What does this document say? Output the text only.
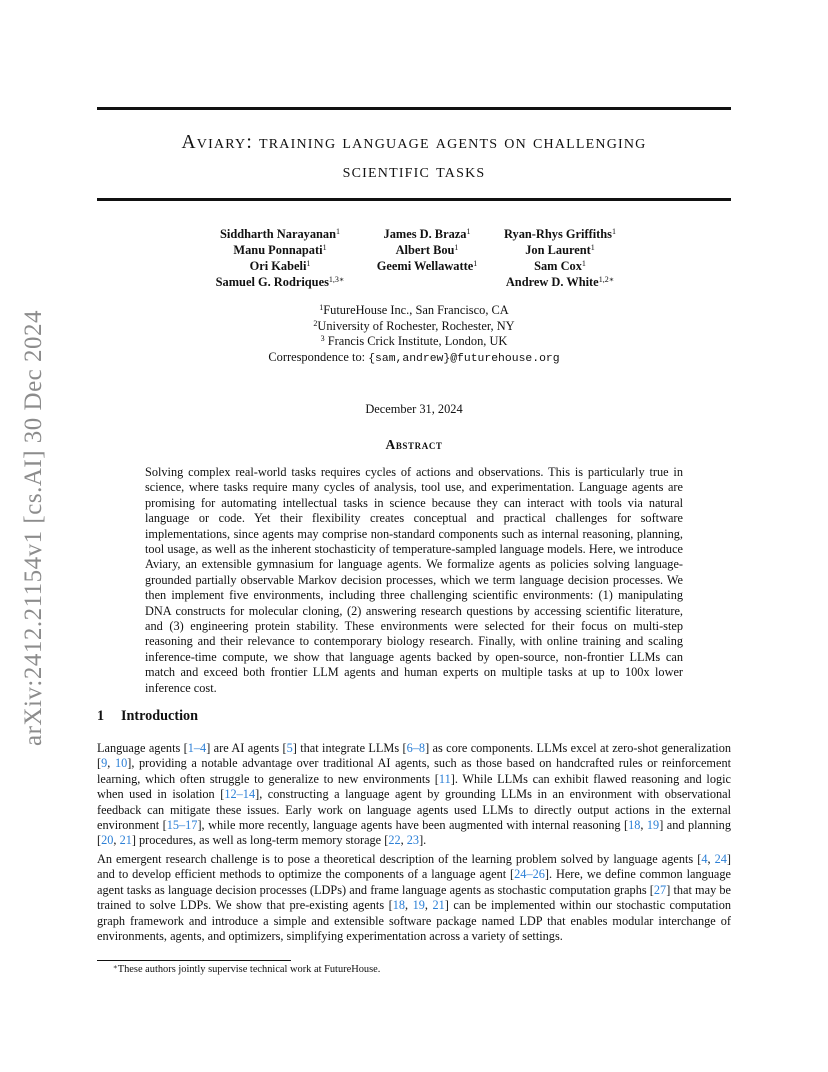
arXiv:2412.21154v1 [cs.AI] 30 Dec 2024
Aviary: training language agents on challenging
scientific tasks
Siddharth Narayanan$^1$
Manu Ponnapati$^1$
Ori Kabeli$^1$
Samuel G. Rodriques$^{1,3∗}$
James D. Braza$^1$
Albert Bou$^1$
Geemi Wellawatte$^1$
Ryan-Rhys Griffiths$^1$
Jon Laurent$^1$
Sam Cox$^1$
Andrew D. White$^{1,2∗}$
$^1$FutureHouse Inc., San Francisco, CA
$^2$University of Rochester, Rochester, NY
$^3$ Francis Crick Institute, London, UK
Correspondence to: {sam,andrew}@futurehouse.org
December 31, 2024
Abstract
Solving complex real-world tasks requires cycles of actions and observations. This is particularly true in science, where tasks require many cycles of analysis, tool use, and experimentation. Language agents are promising for automating intellectual tasks in science because they can interact with tools via natural language or code. Yet their flexibility creates conceptual and practical challenges for software implementations, since agents may comprise non-standard components such as internal reasoning, planning, tool usage, as well as the inherent stochasticity of temperature-sampled language models. Here, we introduce Aviary, an extensible gymnasium for language agents. We formalize agents as policies solving language-grounded partially observable Markov decision processes, which we term language decision processes. We then implement five environments, including three challenging scientific environments: (1) manipulating DNA constructs for molecular cloning, (2) answering research questions by accessing scientific literature, and (3) engineering protein stability. These environments were selected for their focus on multi-step reasoning and their relevance to contemporary biology research. Finally, with online training and scaling inference-time compute, we show that language agents backed by open-source, non-frontier LLMs can match and exceed both frontier LLM agents and human experts on multiple tasks at up to 100x lower inference cost.
1 Introduction
Language agents [1–4] are AI agents [5] that integrate LLMs [6–8] as core components. LLMs excel at zero-shot generalization [9, 10], providing a notable advantage over traditional AI agents, such as those based on handcrafted rules or reinforcement learning, which often struggle to generalize to new environments [11]. While LLMs can exhibit flawed reasoning and logic when used in isolation [12–14], constructing a language agent by grounding LLMs in an environment with observational feedback can mitigate these issues. Early work on language agents used LLMs to directly output actions in the external environment [15–17], while more recently, language agents have been augmented with internal reasoning [18, 19] and planning [20, 21] procedures, as well as long-term memory storage [22, 23].
An emergent research challenge is to pose a theoretical description of the learning problem solved by language agents [4, 24] and to develop efficient methods to optimize the components of a language agent [24–26]. Here, we define common language agent tasks as language decision processes (LDPs) and frame language agents as stochastic computation graphs [27] that may be trained to solve LDPs. We show that pre-existing agents [18, 19, 21] can be implemented within our stochastic computation graph framework and introduce a simple and extensible software package named LDP that enables modular interchange of environments, agents, and optimizers, simplifying experimentation across a variety of settings.
∗These authors jointly supervise technical work at FutureHouse.
